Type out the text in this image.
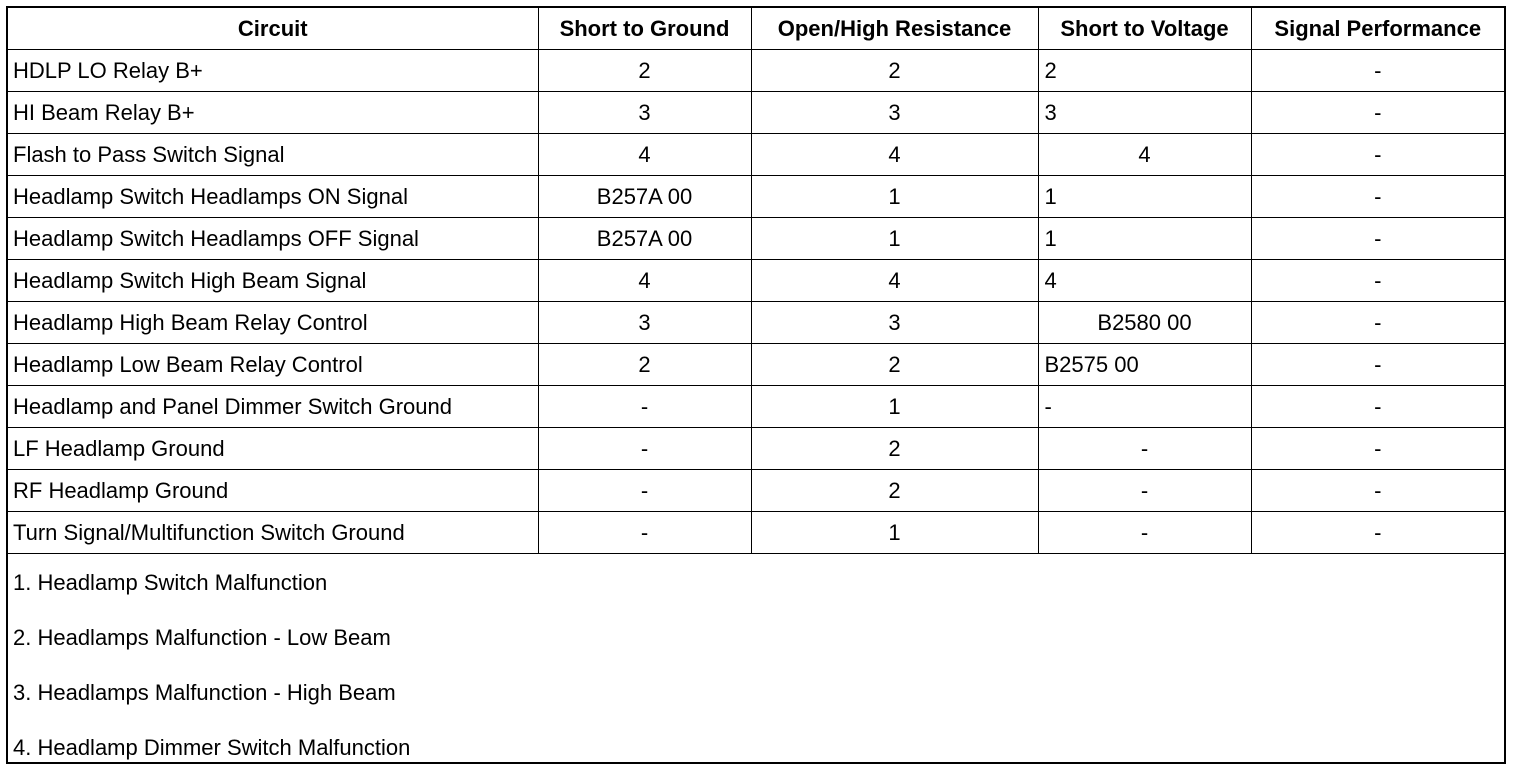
Circuit	Short to Ground	Open/High Resistance	Short to Voltage	Signal Performance
HDLP LO Relay B+	2	2	2	-
HI Beam Relay B+	3	3	3	-
Flash to Pass Switch Signal	4	4	4	-
Headlamp Switch Headlamps ON Signal	B257A 00	1	1	-
Headlamp Switch Headlamps OFF Signal	B257A 00	1	1	-
Headlamp Switch High Beam Signal	4	4	4	-
Headlamp High Beam Relay Control	3	3	B2580 00	-
Headlamp Low Beam Relay Control	2	2	B2575 00	-
Headlamp and Panel Dimmer Switch Ground	-	1	-	-
LF Headlamp Ground	-	2	-	-
RF Headlamp Ground	-	2	-	-
Turn Signal/Multifunction Switch Ground	-	1	-	-
1. Headlamp Switch Malfunction
2. Headlamps Malfunction - Low Beam
3. Headlamps Malfunction - High Beam
4. Headlamp Dimmer Switch Malfunction
